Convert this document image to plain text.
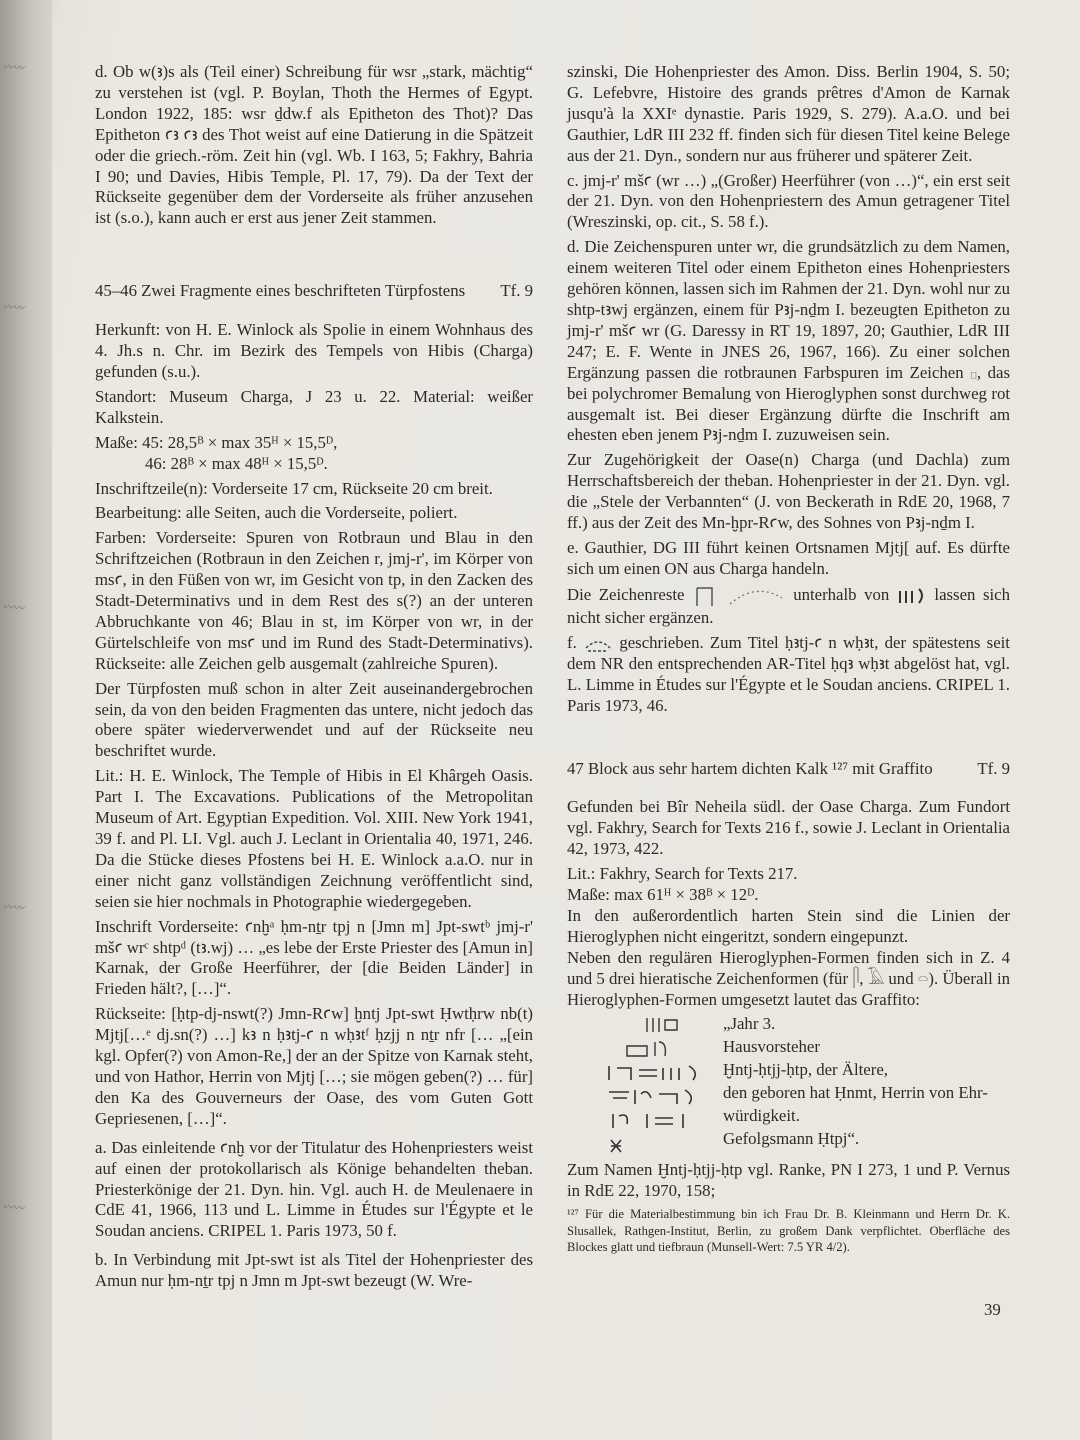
〰〰
〰〰
〰〰
〰〰
〰〰

d. Ob w(ꜣ)s als (Teil einer) Schreibung für wsr „stark, mächtig“ zu verstehen ist (vgl. P. Boylan, Thoth the Hermes of Egypt. London 1922, 185: wsr ḏdw.f als Epitheton des Thot)? Das Epitheton ꜥꜣ ꜥꜣ des Thot weist auf eine Datierung in die Spätzeit oder die griech.-röm. Zeit hin (vgl. Wb. I 163, 5; Fakhry, Bahria I 90; und Davies, Hibis Temple, Pl. 17, 79). Da der Text der Rückseite gegenüber dem der Vorderseite als früher anzusehen ist (s.o.), kann auch er erst aus jener Zeit stammen.

45–46 Zwei Fragmente eines beschrifteten Türpfostens Tf. 9

Herkunft: von H. E. Winlock als Spolie in einem Wohnhaus des 4. Jh.s n. Chr. im Bezirk des Tempels von Hibis (Charga) gefunden (s.u.).

Standort: Museum Charga, J 23 u. 22. Material: weißer Kalkstein.

Maße: 45: 28,5ᴮ × max 35ᴴ × 15,5ᴰ,

46: 28ᴮ × max 48ᴴ × 15,5ᴰ.

Inschriftzeile(n): Vorderseite 17 cm, Rückseite 20 cm breit.

Bearbeitung: alle Seiten, auch die Vorderseite, poliert.

Farben: Vorderseite: Spuren von Rotbraun und Blau in den Schriftzeichen (Rotbraun in den Zeichen r, jmj-r', im Körper von msꜥ, in den Füßen von wr, im Gesicht von tp, in den Zacken des Stadt-Determinativs und in dem Rest des s(?) an der unteren Abbruchkante von 46; Blau in st, im Körper von wr, in der Gürtelschleife von msꜥ und im Rund des Stadt-Determinativs). Rückseite: alle Zeichen gelb ausgemalt (zahlreiche Spuren).

Der Türpfosten muß schon in alter Zeit auseinandergebrochen sein, da von den beiden Fragmenten das untere, nicht jedoch das obere später wiederverwendet und auf der Rückseite neu beschriftet wurde.

Lit.: H. E. Winlock, The Temple of Hibis in El Khârgeh Oasis. Part I. The Excavations. Publications of the Metropolitan Museum of Art. Egyptian Expedition. Vol. XIII. New York 1941, 39 f. and Pl. LI. Vgl. auch J. Leclant in Orientalia 40, 1971, 246. Da die Stücke dieses Pfostens bei H. E. Winlock a.a.O. nur in einer nicht ganz vollständigen Zeichnung veröffentlicht sind, seien sie hier nochmals in Photographie wiedergegeben.

Inschrift Vorderseite: ꜥnḫᵃ ḥm-nṯr tpj n [Jmn m] Jpt-swtᵇ jmj-r' mšꜥ wrᶜ shtpᵈ (tꜣ.wj) … „es lebe der Erste Priester des [Amun in] Karnak, der Große Heerführer, der [die Beiden Länder] in Frieden hält?, […]“.

Rückseite: [ḥtp-dj-nswt(?) Jmn-Rꜥw] ḫntj Jpt-swt Ḥwtḥrw nb(t) Mjtj[…ᵉ dj.sn(?) …] kꜣ n ḥꜣtj-ꜥ n wḥꜣtᶠ ḥzjj n nṯr nfr [… „[ein kgl. Opfer(?) von Amon-Re,] der an der Spitze von Karnak steht, und von Hathor, Herrin von Mjtj […; sie mögen geben(?) … für] den Ka des Gouverneurs der Oase, des vom Guten Gott Gepriesenen, […]“.

a. Das einleitende ꜥnḫ vor der Titulatur des Hohenpriesters weist auf einen der protokollarisch als Könige behandelten theban. Priesterkönige der 21. Dyn. hin. Vgl. auch H. de Meulenaere in CdE 41, 1966, 113 und L. Limme in Études sur l'Égypte et le Soudan anciens. CRIPEL 1. Paris 1973, 50 f.

b. In Verbindung mit Jpt-swt ist als Titel der Hohenpriester des Amun nur ḥm-nṯr tpj n Jmn m Jpt-swt bezeugt (W. Wre-

szinski, Die Hohenpriester des Amon. Diss. Berlin 1904, S. 50; G. Lefebvre, Histoire des grands prêtres d'Amon de Karnak jusqu'à la XXIᵉ dynastie. Paris 1929, S. 279). A.a.O. und bei Gauthier, LdR III 232 ff. finden sich für diesen Titel keine Belege aus der 21. Dyn., sondern nur aus früherer und späterer Zeit.

c. jmj-r' mšꜥ (wr …) „(Großer) Heerführer (von …)“, ein erst seit der 21. Dyn. von den Hohenpriestern des Amun getragener Titel (Wreszinski, op. cit., S. 58 f.).

d. Die Zeichenspuren unter wr, die grundsätzlich zu dem Namen, einem weiteren Titel oder einem Epitheton eines Hohenpriesters gehören können, lassen sich im Rahmen der 21. Dyn. wohl nur zu shtp-tꜣwj ergänzen, einem für Pꜣj-nḏm I. bezeugten Epitheton zu jmj-r' mšꜥ wr (G. Daressy in RT 19, 1897, 20; Gauthier, LdR III 247; E. F. Wente in JNES 26, 1967, 166). Zu einer solchen Ergänzung passen die rotbraunen Farbspuren im Zeichen 𓊪, das bei polychromer Bemalung von Hieroglyphen sonst durchweg rot ausgemalt ist. Bei dieser Ergänzung dürfte die Inschrift am ehesten eben jenem Pꜣj-nḏm I. zuzuweisen sein.

Zur Zugehörigkeit der Oase(n) Charga (und Dachla) zum Herrschaftsbereich der theban. Hohenpriester in der 21. Dyn. vgl. die „Stele der Verbannten“ (J. von Beckerath in RdE 20, 1968, 7 ff.) aus der Zeit des Mn-ḫpr-Rꜥw, des Sohnes von Pꜣj-nḏm I.

e. Gauthier, DG III führt keinen Ortsnamen Mjtj[ auf. Es dürfte sich um einen ON aus Charga handeln.

Die Zeichenreste	unterhalb von	lassen sich nicht sicher ergänzen.

f.	geschrieben. Zum Titel ḥꜣtj-ꜥ n wḥꜣt, der spätestens seit dem NR den entsprechenden AR-Titel ḥqꜣ wḥꜣt abgelöst hat, vgl. L. Limme in Études sur l'Égypte et le Soudan anciens. CRIPEL 1. Paris 1973, 46.

47 Block aus sehr hartem dichten Kalk ¹²⁷ mit Graffito	Tf. 9

Gefunden bei Bîr Neheila südl. der Oase Charga. Zum Fundort vgl. Fakhry, Search for Texts 216 f., sowie J. Leclant in Orientalia 42, 1973, 422.

Lit.: Fakhry, Search for Texts 217.

Maße: max 61ᴴ × 38ᴮ × 12ᴰ.

In den außerordentlich harten Stein sind die Linien der Hieroglyphen nicht eingeritzt, sondern eingepunzt.

Neben den regulären Hieroglyphen-Formen finden sich in Z. 4 und 5 drei hieratische Zeichenformen (für 𓋴, 𓄿 und 𓏏). Überall in Hieroglyphen-Formen umgesetzt lautet das Graffito:

„Jahr 3.
Hausvorsteher
Ḫntj-ḥtjj-ḥtp, der Ältere,
den geboren hat Ḥnmt, Herrin von Ehr-
würdigkeit.
Gefolgsmann Ḥtpj“.

Zum Namen Ḫntj-ḥtjj-ḥtp vgl. Ranke, PN I 273, 1 und P. Vernus in RdE 22, 1970, 158;

¹²⁷ Für die Materialbestimmung bin ich Frau Dr. B. Kleinmann und Herrn Dr. K. Slusallek, Rathgen-Institut, Berlin, zu großem Dank verpflichtet. Oberfläche des Blockes glatt und tiefbraun (Munsell-Wert: 7.5 YR 4/2).

39
